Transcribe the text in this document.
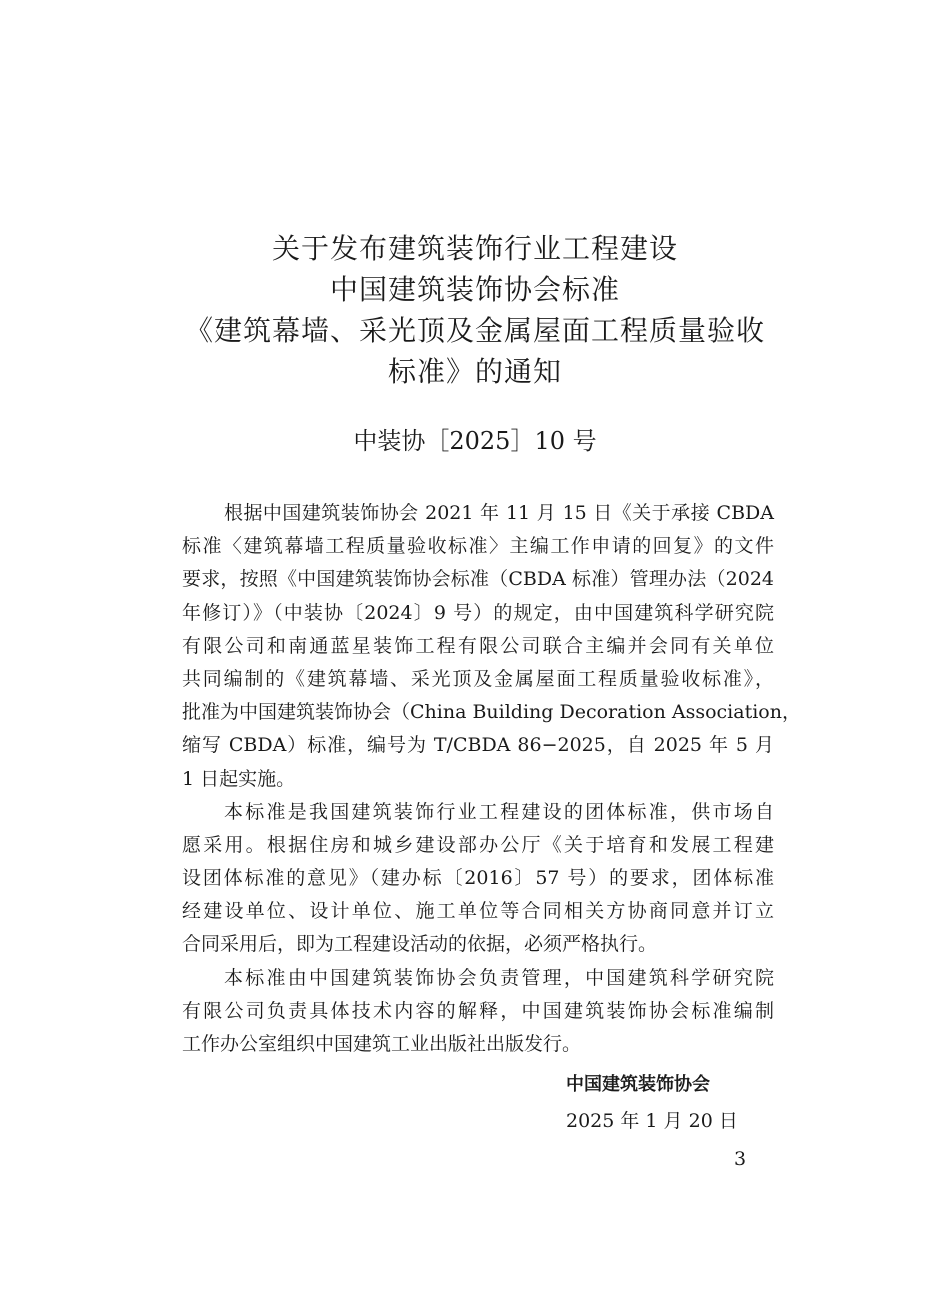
关于发布建筑装饰行业工程建设
中国建筑装饰协会标准
《建筑幕墙、采光顶及金属屋面工程质量验收
标准》的通知
中装协［2025］10 号
根据中国建筑装饰协会 2021 年 11 月 15 日《关于承接 CBDA
标准〈建筑幕墙工程质量验收标准〉主编工作申请的回复》的文件
要求，按照《中国建筑装饰协会标准（CBDA 标准）管理办法（2024
年修订）》（中装协〔2024〕9 号）的规定，由中国建筑科学研究院
有限公司和南通蓝星装饰工程有限公司联合主编并会同有关单位
共同编制的《建筑幕墙、采光顶及金属屋面工程质量验收标准》，
批准为中国建筑装饰协会（China Building Decoration Association，
缩写 CBDA）标准，编号为 T/CBDA 86−2025，自 2025 年 5 月
1 日起实施。
本标准是我国建筑装饰行业工程建设的团体标准，供市场自
愿采用。根据住房和城乡建设部办公厅《关于培育和发展工程建
设团体标准的意见》（建办标〔2016〕57 号）的要求，团体标准
经建设单位、设计单位、施工单位等合同相关方协商同意并订立
合同采用后，即为工程建设活动的依据，必须严格执行。
本标准由中国建筑装饰协会负责管理，中国建筑科学研究院
有限公司负责具体技术内容的解释，中国建筑装饰协会标准编制
工作办公室组织中国建筑工业出版社出版发行。
中国建筑装饰协会
2025 年 1 月 20 日
3
